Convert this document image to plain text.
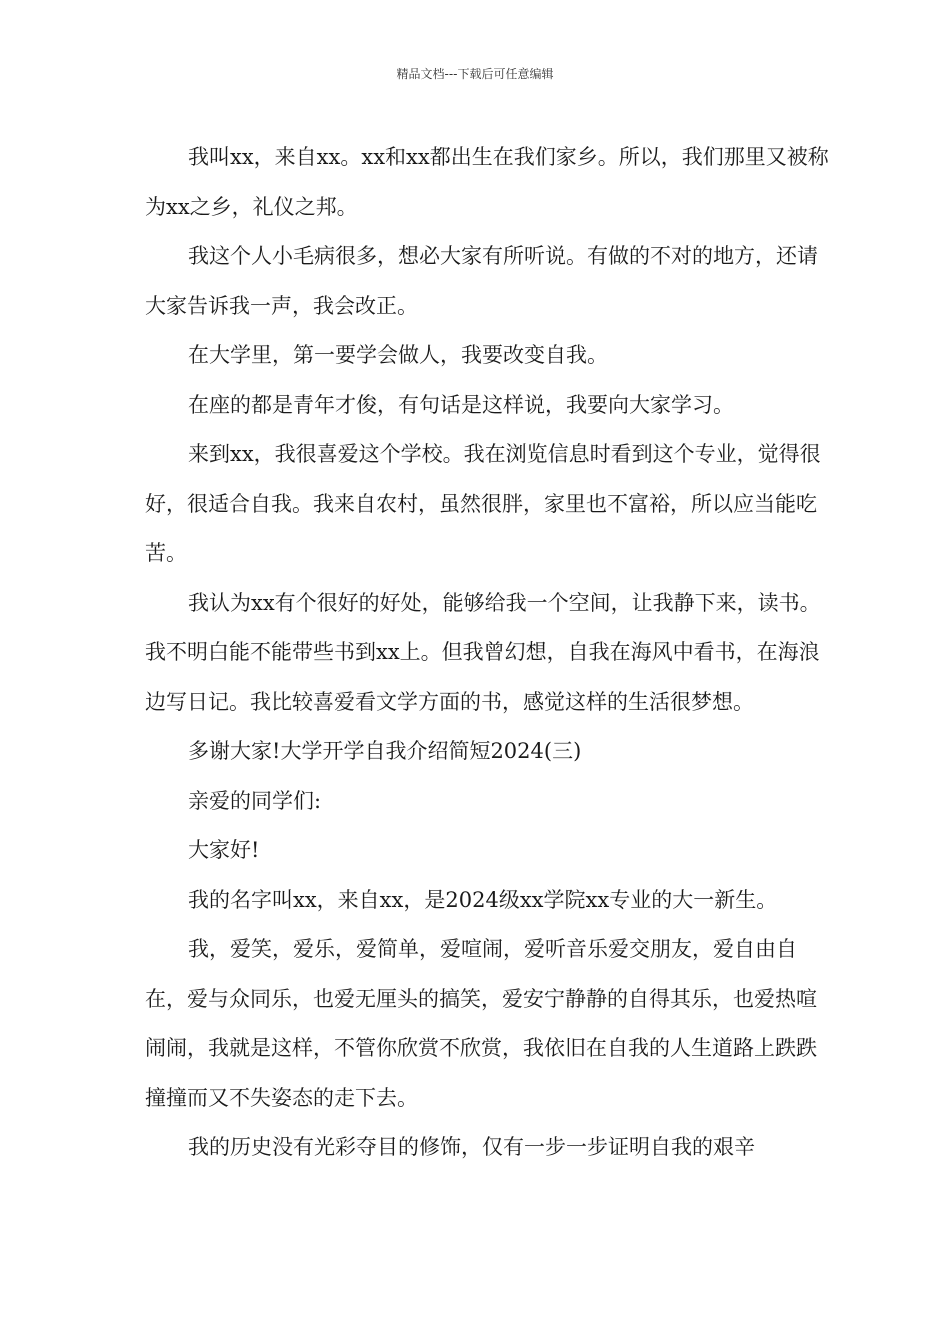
精品文档---下载后可任意编辑

我叫xx，来自xx。xx和xx都出生在我们家乡。所以，我们那里又被称为xx之乡，礼仪之邦。

我这个人小毛病很多，想必大家有所听说。有做的不对的地方，还请大家告诉我一声，我会改正。

在大学里，第一要学会做人，我要改变自我。

在座的都是青年才俊，有句话是这样说，我要向大家学习。

来到xx，我很喜爱这个学校。我在浏览信息时看到这个专业，觉得很好，很适合自我。我来自农村，虽然很胖，家里也不富裕，所以应当能吃苦。

我认为xx有个很好的好处，能够给我一个空间，让我静下来，读书。我不明白能不能带些书到xx上。但我曾幻想，自我在海风中看书，在海浪边写日记。我比较喜爱看文学方面的书，感觉这样的生活很梦想。

多谢大家!大学开学自我介绍简短2024(三)

亲爱的同学们:

大家好!

我的名字叫xx，来自xx，是2024级xx学院xx专业的大一新生。

我，爱笑，爱乐，爱简单，爱喧闹，爱听音乐爱交朋友，爱自由自在，爱与众同乐，也爱无厘头的搞笑，爱安宁静静的自得其乐，也爱热喧闹闹，我就是这样，不管你欣赏不欣赏，我依旧在自我的人生道路上跌跌撞撞而又不失姿态的走下去。

我的历史没有光彩夺目的修饰，仅有一步一步证明自我的艰辛
